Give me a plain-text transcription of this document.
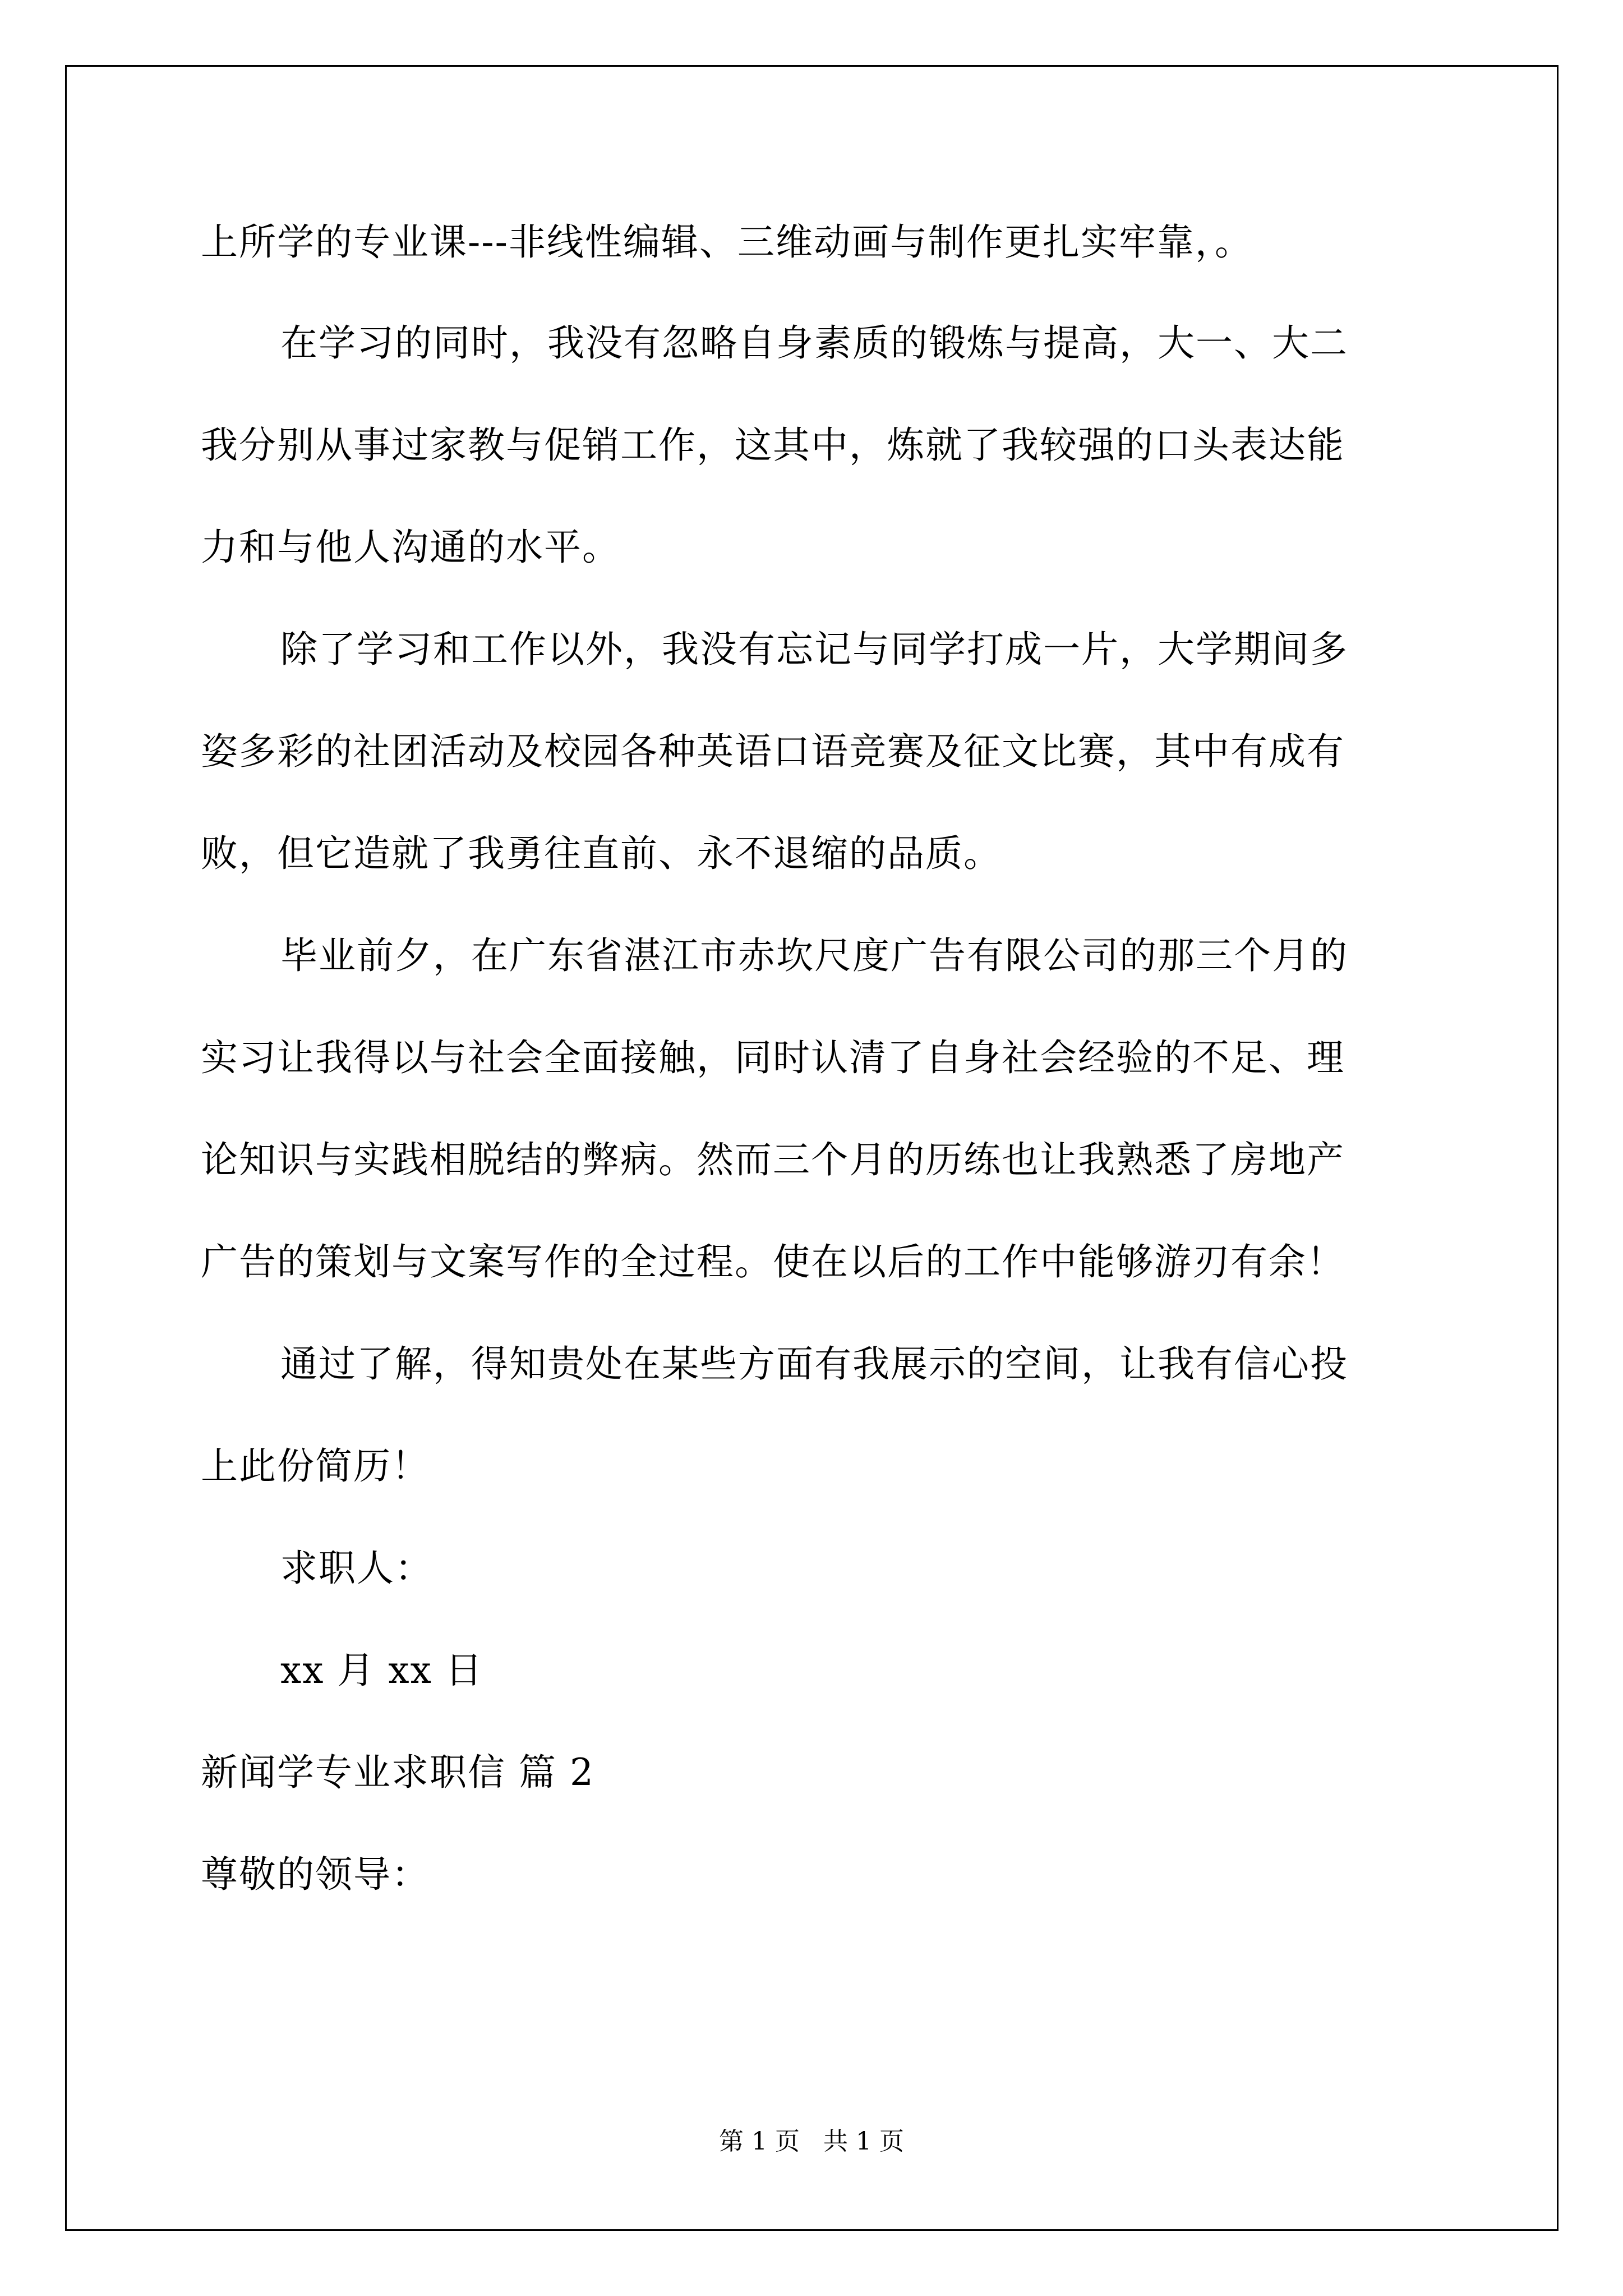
上所学的专业课---非线性编辑、三维动画与制作更扎实牢靠，。
在学习的同时，我没有忽略自身素质的锻炼与提高，大一、大二
我分别从事过家教与促销工作，这其中，炼就了我较强的口头表达能
力和与他人沟通的水平。
除了学习和工作以外，我没有忘记与同学打成一片，大学期间多
姿多彩的社团活动及校园各种英语口语竞赛及征文比赛，其中有成有
败，但它造就了我勇往直前、永不退缩的品质。
毕业前夕，在广东省湛江市赤坎尺度广告有限公司的那三个月的
实习让我得以与社会全面接触，同时认清了自身社会经验的不足、理
论知识与实践相脱结的弊病。然而三个月的历练也让我熟悉了房地产
广告的策划与文案写作的全过程。使在以后的工作中能够游刃有余！
通过了解，得知贵处在某些方面有我展示的空间，让我有信心投
上此份简历！
求职人：
xx 月 xx 日
新闻学专业求职信 篇 2
尊敬的领导：
第 1 页   共 1 页
